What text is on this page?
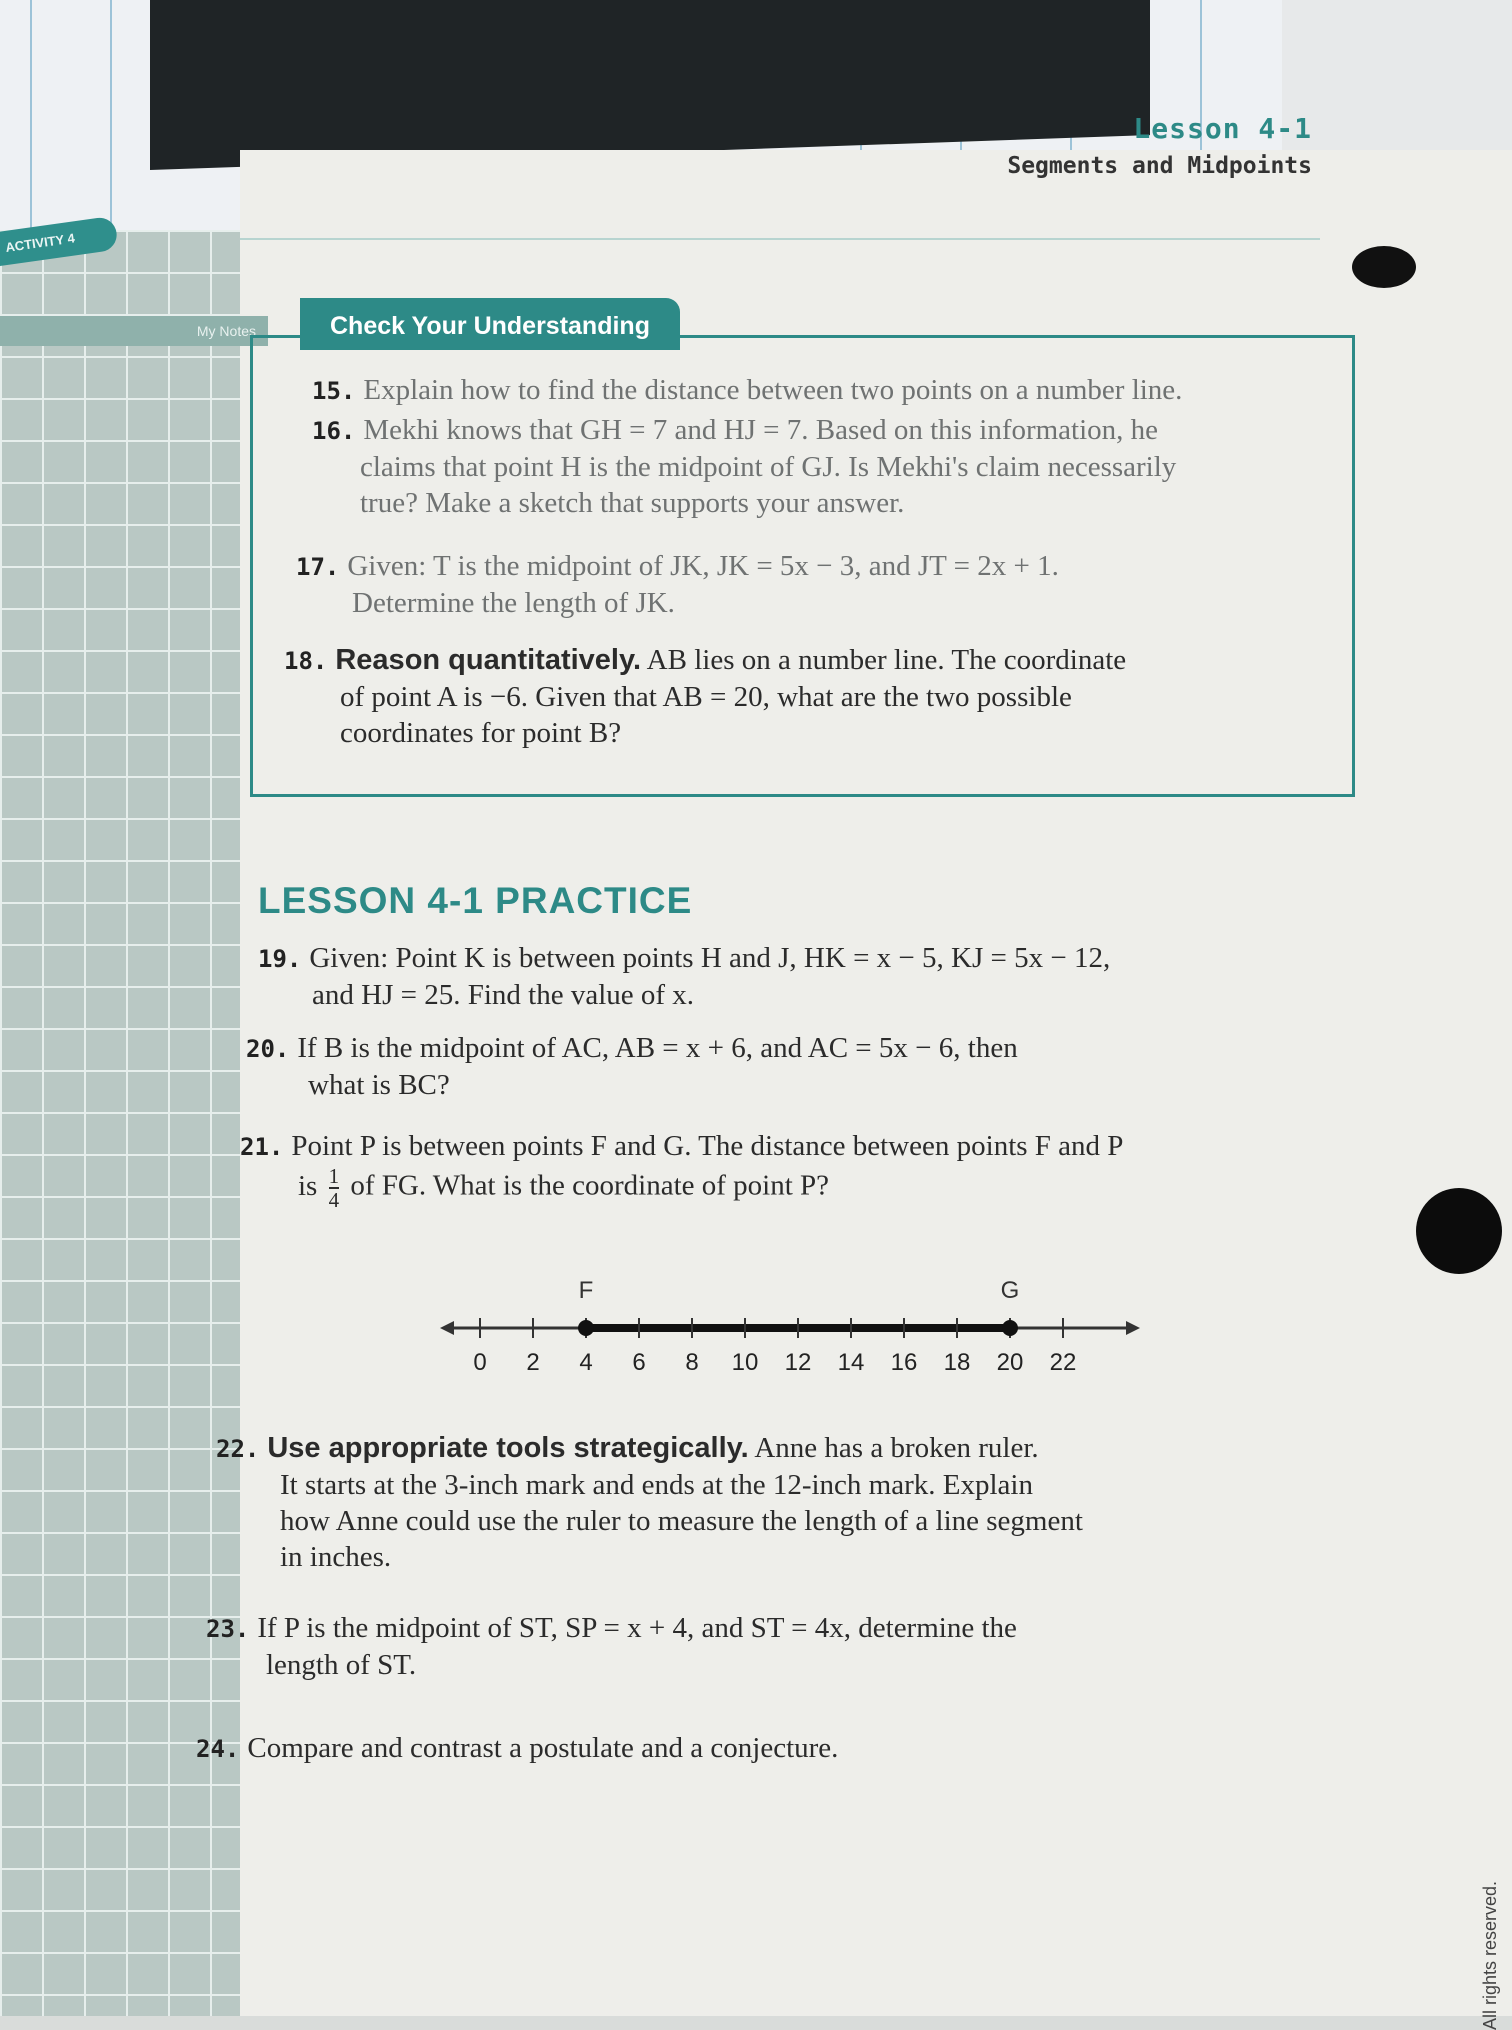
ACTIVITY 4
My Notes
Lesson 4-1
Segments and Midpoints
Check Your Understanding
15. Explain how to find the distance between two points on a number line.
16. Mekhi knows that GH = 7 and HJ = 7. Based on this information, he
claims that point H is the midpoint of GJ. Is Mekhi's claim necessarily
true? Make a sketch that supports your answer.
17. Given: T is the midpoint of JK, JK = 5x − 3, and JT = 2x + 1.
Determine the length of JK.
18. Reason quantitatively. AB lies on a number line. The coordinate
of point A is −6. Given that AB = 20, what are the two possible
coordinates for point B?
LESSON 4-1 PRACTICE
19. Given: Point K is between points H and J, HK = x − 5, KJ = 5x − 12,
and HJ = 25. Find the value of x.
20. If B is the midpoint of AC, AB = x + 6, and AC = 5x − 6, then
what is BC?
21. Point P is between points F and G. The distance between points F and P
is $\frac{1}{4}$ of FG. What is the coordinate of point P?
0 2 4 6 8 10 12 14 16 18 20 22
F	G
22. Use appropriate tools strategically. Anne has a broken ruler.
It starts at the 3-inch mark and ends at the 12-inch mark. Explain
how Anne could use the ruler to measure the length of a line segment
in inches.
23. If P is the midpoint of ST, SP = x + 4, and ST = 4x, determine the
length of ST.
24. Compare and contrast a postulate and a conjecture.
All rights reserved.
